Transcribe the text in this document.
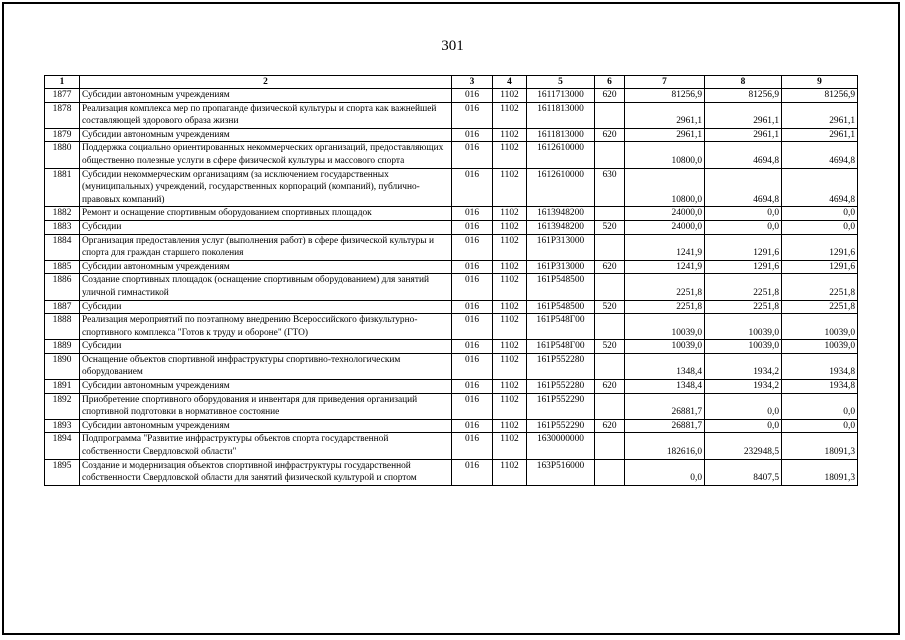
301
1	2	3	4	5	6	7	8	9
1877	Субсидии автономным учреждениям	016	1102	1611713000	620	81256,9	81256,9	81256,9
1878	Реализация комплекса мер по пропаганде физической культуры и спорта как важнейшей составляющей здорового образа жизни	016	1102	1611813000		2961,1	2961,1	2961,1
1879	Субсидии автономным учреждениям	016	1102	1611813000	620	2961,1	2961,1	2961,1
1880	Поддержка социально ориентированных некоммерческих организаций, предоставляющих общественно полезные услуги в сфере физической культуры и массового спорта	016	1102	1612610000		10800,0	4694,8	4694,8
1881	Субсидии некоммерческим организациям (за исключением государственных (муниципальных) учреждений, государственных корпораций (компаний), публично-правовых компаний)	016	1102	1612610000	630	10800,0	4694,8	4694,8
1882	Ремонт и оснащение спортивным оборудованием спортивных площадок	016	1102	1613948200		24000,0	0,0	0,0
1883	Субсидии	016	1102	1613948200	520	24000,0	0,0	0,0
1884	Организация предоставления услуг (выполнения работ) в сфере физической культуры и спорта для граждан старшего поколения	016	1102	161P313000		1241,9	1291,6	1291,6
1885	Субсидии автономным учреждениям	016	1102	161P313000	620	1241,9	1291,6	1291,6
1886	Создание спортивных площадок (оснащение спортивным оборудованием) для занятий уличной гимнастикой	016	1102	161P548500		2251,8	2251,8	2251,8
1887	Субсидии	016	1102	161P548500	520	2251,8	2251,8	2251,8
1888	Реализация мероприятий по поэтапному внедрению Всероссийского физкультурно-спортивного комплекса "Готов к труду и обороне" (ГТО)	016	1102	161P548Г00		10039,0	10039,0	10039,0
1889	Субсидии	016	1102	161P548Г00	520	10039,0	10039,0	10039,0
1890	Оснащение объектов спортивной инфраструктуры спортивно-технологическим оборудованием	016	1102	161P552280		1348,4	1934,2	1934,8
1891	Субсидии автономным учреждениям	016	1102	161P552280	620	1348,4	1934,2	1934,8
1892	Приобретение спортивного оборудования и инвентаря для приведения организаций спортивной подготовки в нормативное состояние	016	1102	161P552290		26881,7	0,0	0,0
1893	Субсидии автономным учреждениям	016	1102	161P552290	620	26881,7	0,0	0,0
1894	Подпрограмма "Развитие инфраструктуры объектов спорта государственной собственности Свердловской области"	016	1102	1630000000		182616,0	232948,5	18091,3
1895	Создание и модернизация объектов спортивной инфраструктуры государственной собственности Свердловской области для занятий физической культурой и спортом	016	1102	163P516000		0,0	8407,5	18091,3
